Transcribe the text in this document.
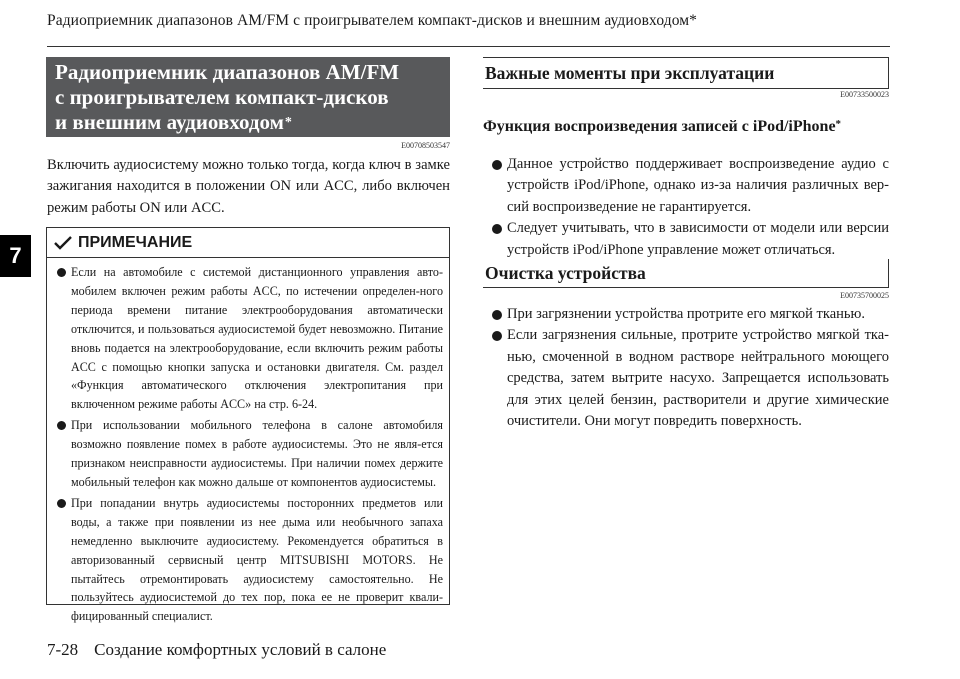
Радиоприемник диапазонов AM/FM с проигрывателем компакт-дисков и внешним аудиовходом*
7
Радиоприемник диапазонов AM/FM
с проигрывателем компакт-дисков
и внешним аудиовходом*
E00708503547
Включить аудиосистему можно только тогда, когда ключ в замке зажигания находится в положении ON или ACC, либо включен режим работы ON или ACC.
ПРИМЕЧАНИЕ
Если на автомобиле с системой дистанционного управления авто-мобилем включен режим работы ACC, по истечении определен-ного периода времени питание электрооборудования автоматически отключится, и пользоваться аудиосистемой будет невозможно. Питание вновь подается на электрооборудование, если включить режим работы ACC с помощью кнопки запуска и остановки двигателя. См. раздел «Функция автоматического отключения электропитания при включенном режиме работы ACC» на стр. 6-24.
При использовании мобильного телефона в салоне автомобиля возможно появление помех в работе аудиосистемы. Это не явля-ется признаком неисправности аудиосистемы. При наличии помех держите мобильный телефон как можно дальше от компонентов аудиосистемы.
При попадании внутрь аудиосистемы посторонних предметов или воды, а также при появлении из нее дыма или необычного запаха немедленно выключите аудиосистему. Рекомендуется обратиться в авторизованный сервисный центр MITSUBISHI MOTORS. Не пытайтесь отремонтировать аудиосистему самостоятельно. Не пользуйтесь аудиосистемой до тех пор, пока ее не проверит квали-фицированный специалист.
Важные моменты при эксплуатации
E00733500023
Функция воспроизведения записей с iPod/iPhone*
Данное устройство поддерживает воспроизведение аудио с устройств iPod/iPhone, однако из-за наличия различных вер-сий воспроизведение не гарантируется.
Следует учитывать, что в зависимости от модели или версии устройств iPod/iPhone управление может отличаться.
Очистка устройства
E00735700025
При загрязнении устройства протрите его мягкой тканью.
Если загрязнения сильные, протрите устройство мягкой тка-нью, смоченной в водном растворе нейтрального моющего средства, затем вытрите насухо. Запрещается использовать для этих целей бензин, растворители и другие химические очистители. Они могут повредить поверхность.
7-28 Создание комфортных условий в салоне
